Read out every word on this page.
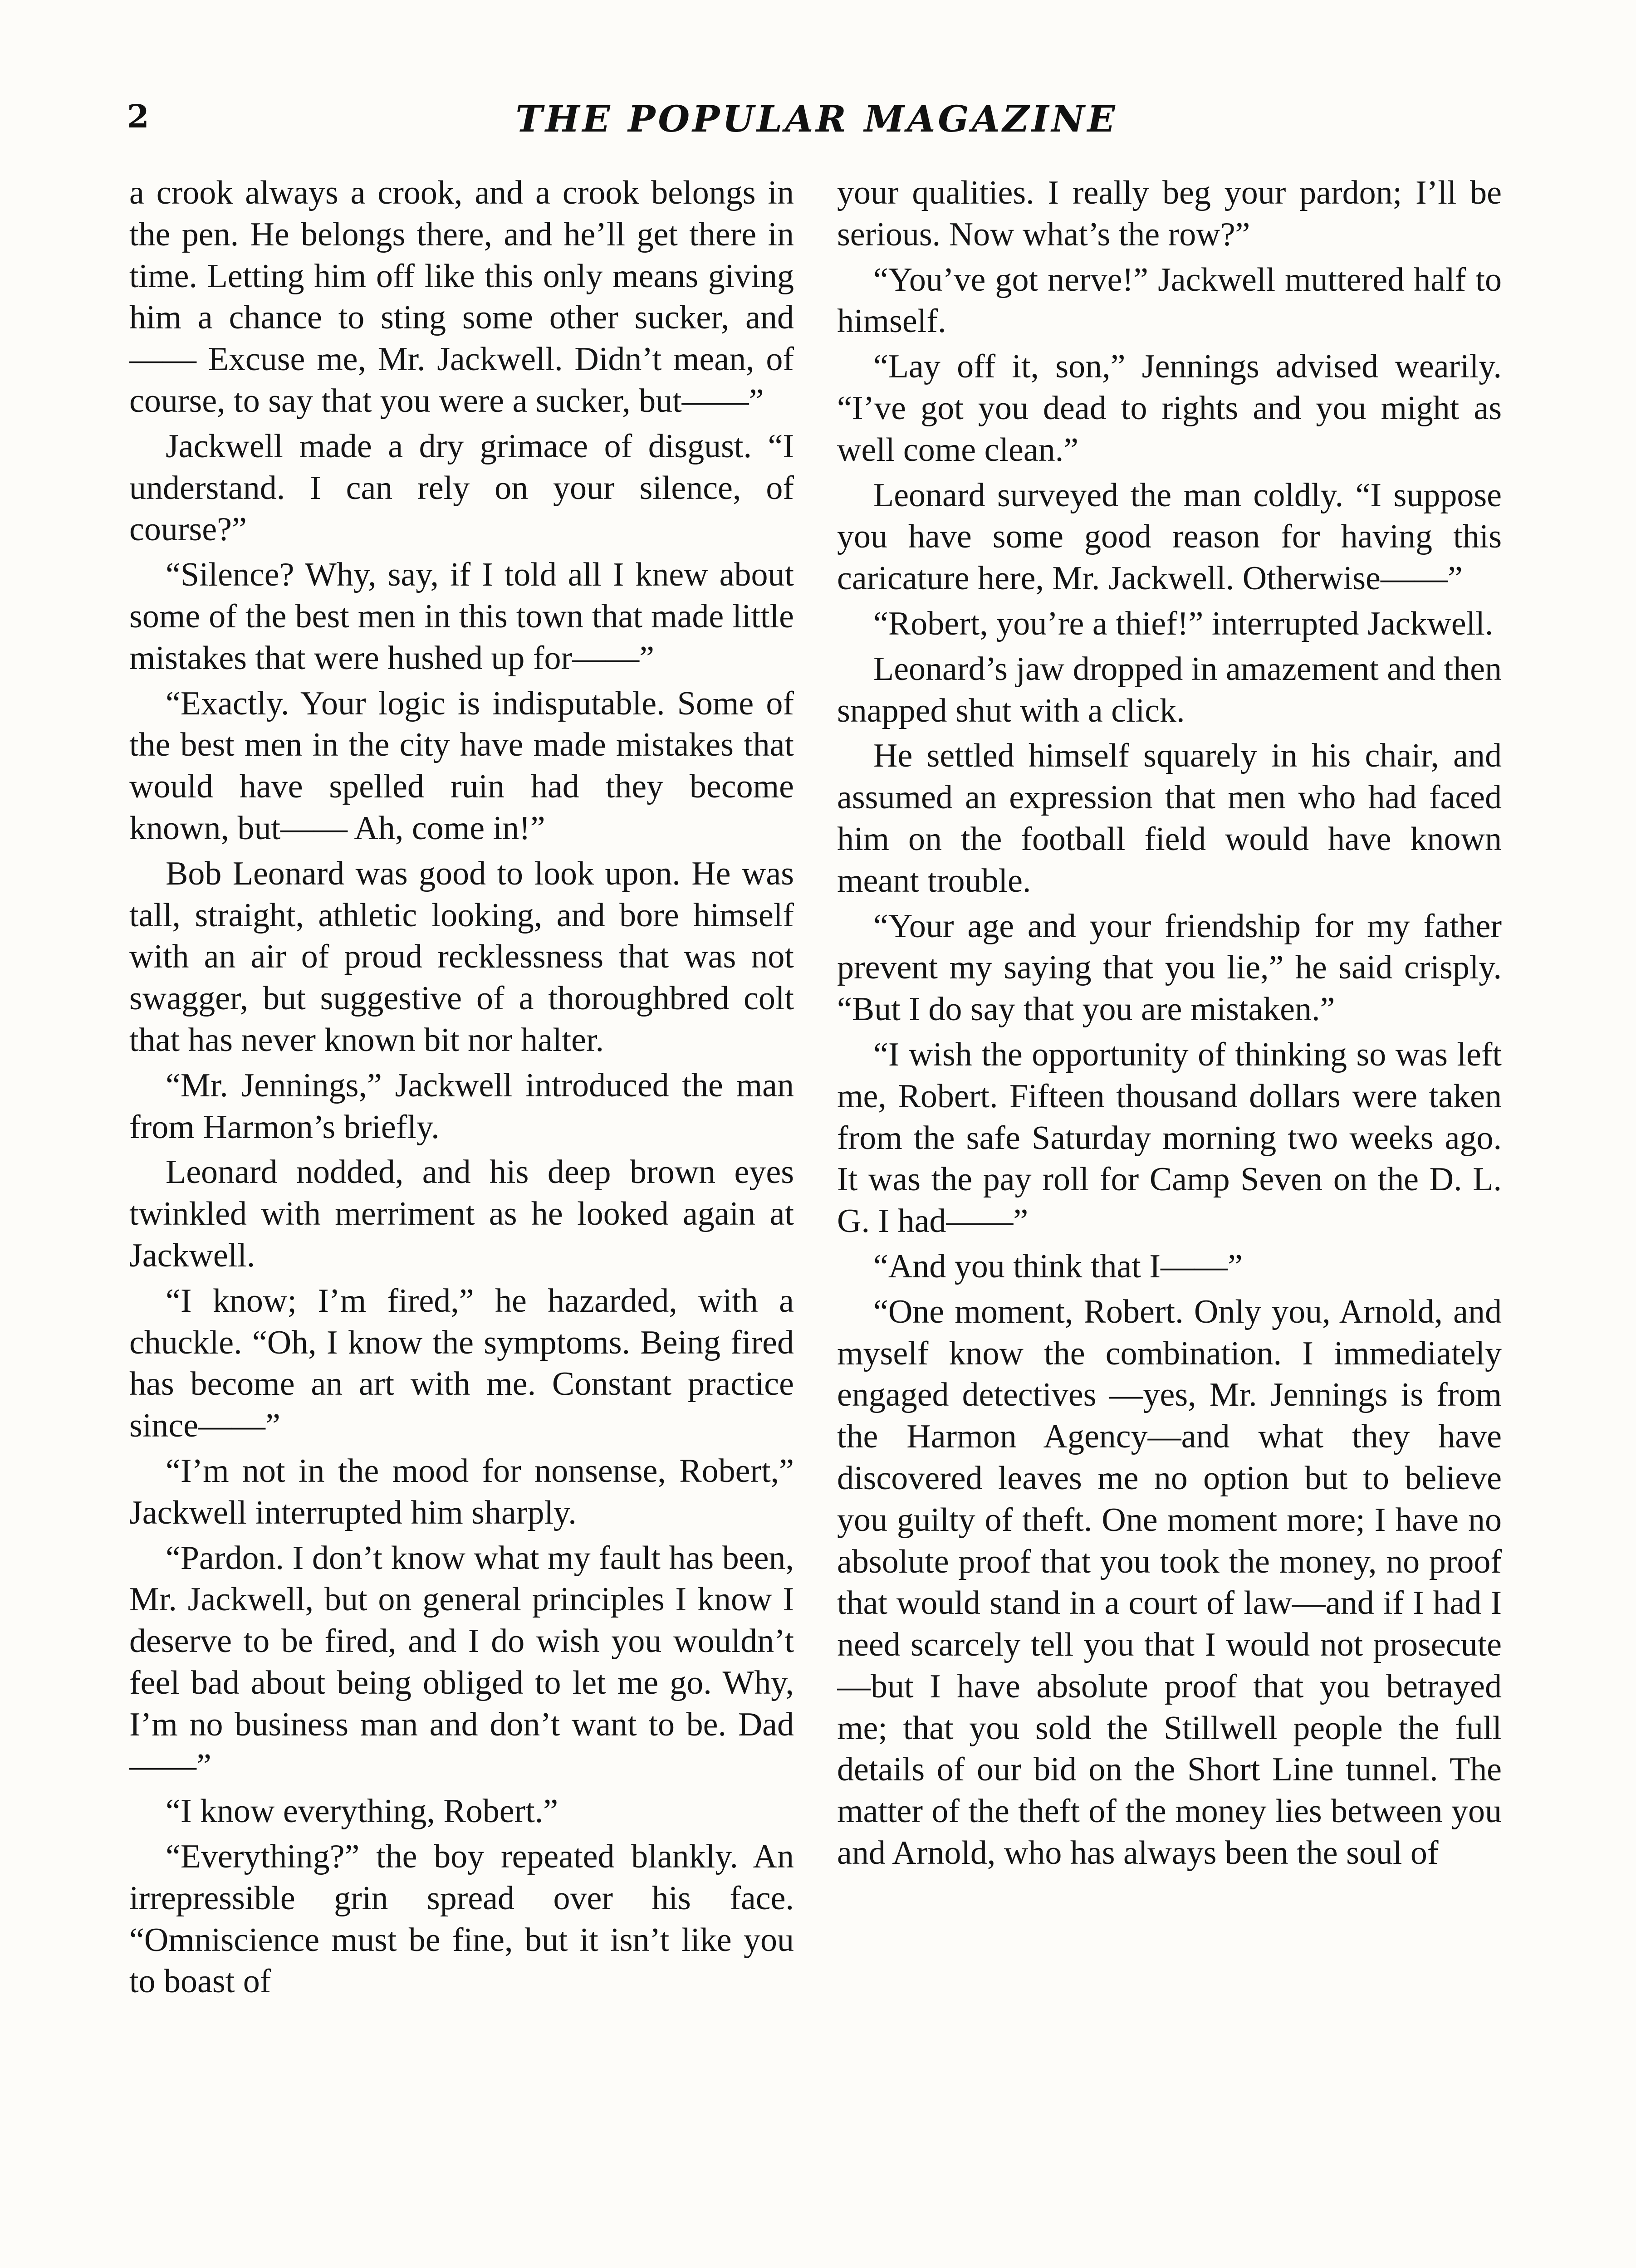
2	THE POPULAR MAGAZINE

a crook always a crook, and a crook belongs in the pen. He belongs there, and he’ll get there in time. Letting him off like this only means giving him a chance to sting some other sucker, and—— Excuse me, Mr. Jackwell. Didn’t mean, of course, to say that you were a sucker, but——”

Jackwell made a dry grimace of disgust. “I understand. I can rely on your silence, of course?”

“Silence? Why, say, if I told all I knew about some of the best men in this town that made little mistakes that were hushed up for——”

“Exactly. Your logic is indisputable. Some of the best men in the city have made mistakes that would have spelled ruin had they become known, but—— Ah, come in!”

Bob Leonard was good to look upon. He was tall, straight, athletic looking, and bore himself with an air of proud recklessness that was not swagger, but suggestive of a thoroughbred colt that has never known bit nor halter.

“Mr. Jennings,” Jackwell introduced the man from Harmon’s briefly.

Leonard nodded, and his deep brown eyes twinkled with merriment as he looked again at Jackwell.

“I know; I’m fired,” he hazarded, with a chuckle. “Oh, I know the symptoms. Being fired has become an art with me. Constant practice since——”

“I’m not in the mood for nonsense, Robert,” Jackwell interrupted him sharply.

“Pardon. I don’t know what my fault has been, Mr. Jackwell, but on general principles I know I deserve to be fired, and I do wish you wouldn’t feel bad about being obliged to let me go. Why, I’m no business man and don’t want to be. Dad——”

“I know everything, Robert.”

“Everything?” the boy repeated blankly. An irrepressible grin spread over his face. “Omniscience must be fine, but it isn’t like you to boast of

your qualities. I really beg your pardon; I’ll be serious. Now what’s the row?”

“You’ve got nerve!” Jackwell muttered half to himself.

“Lay off it, son,” Jennings advised wearily. “I’ve got you dead to rights and you might as well come clean.”

Leonard surveyed the man coldly. “I suppose you have some good reason for having this caricature here, Mr. Jackwell. Otherwise——”

“Robert, you’re a thief!” interrupted Jackwell.

Leonard’s jaw dropped in amazement and then snapped shut with a click.

He settled himself squarely in his chair, and assumed an expression that men who had faced him on the football field would have known meant trouble.

“Your age and your friendship for my father prevent my saying that you lie,” he said crisply. “But I do say that you are mistaken.”

“I wish the opportunity of thinking so was left me, Robert. Fifteen thousand dollars were taken from the safe Saturday morning two weeks ago. It was the pay roll for Camp Seven on the D. L. G. I had——”

“And you think that I——”

“One moment, Robert. Only you, Arnold, and myself know the combination. I immediately engaged detectives —yes, Mr. Jennings is from the Harmon Agency—and what they have discovered leaves me no option but to believe you guilty of theft. One moment more; I have no absolute proof that you took the money, no proof that would stand in a court of law—and if I had I need scarcely tell you that I would not prosecute—but I have absolute proof that you betrayed me; that you sold the Stillwell people the full details of our bid on the Short Line tunnel. The matter of the theft of the money lies between you and Arnold, who has always been the soul of
